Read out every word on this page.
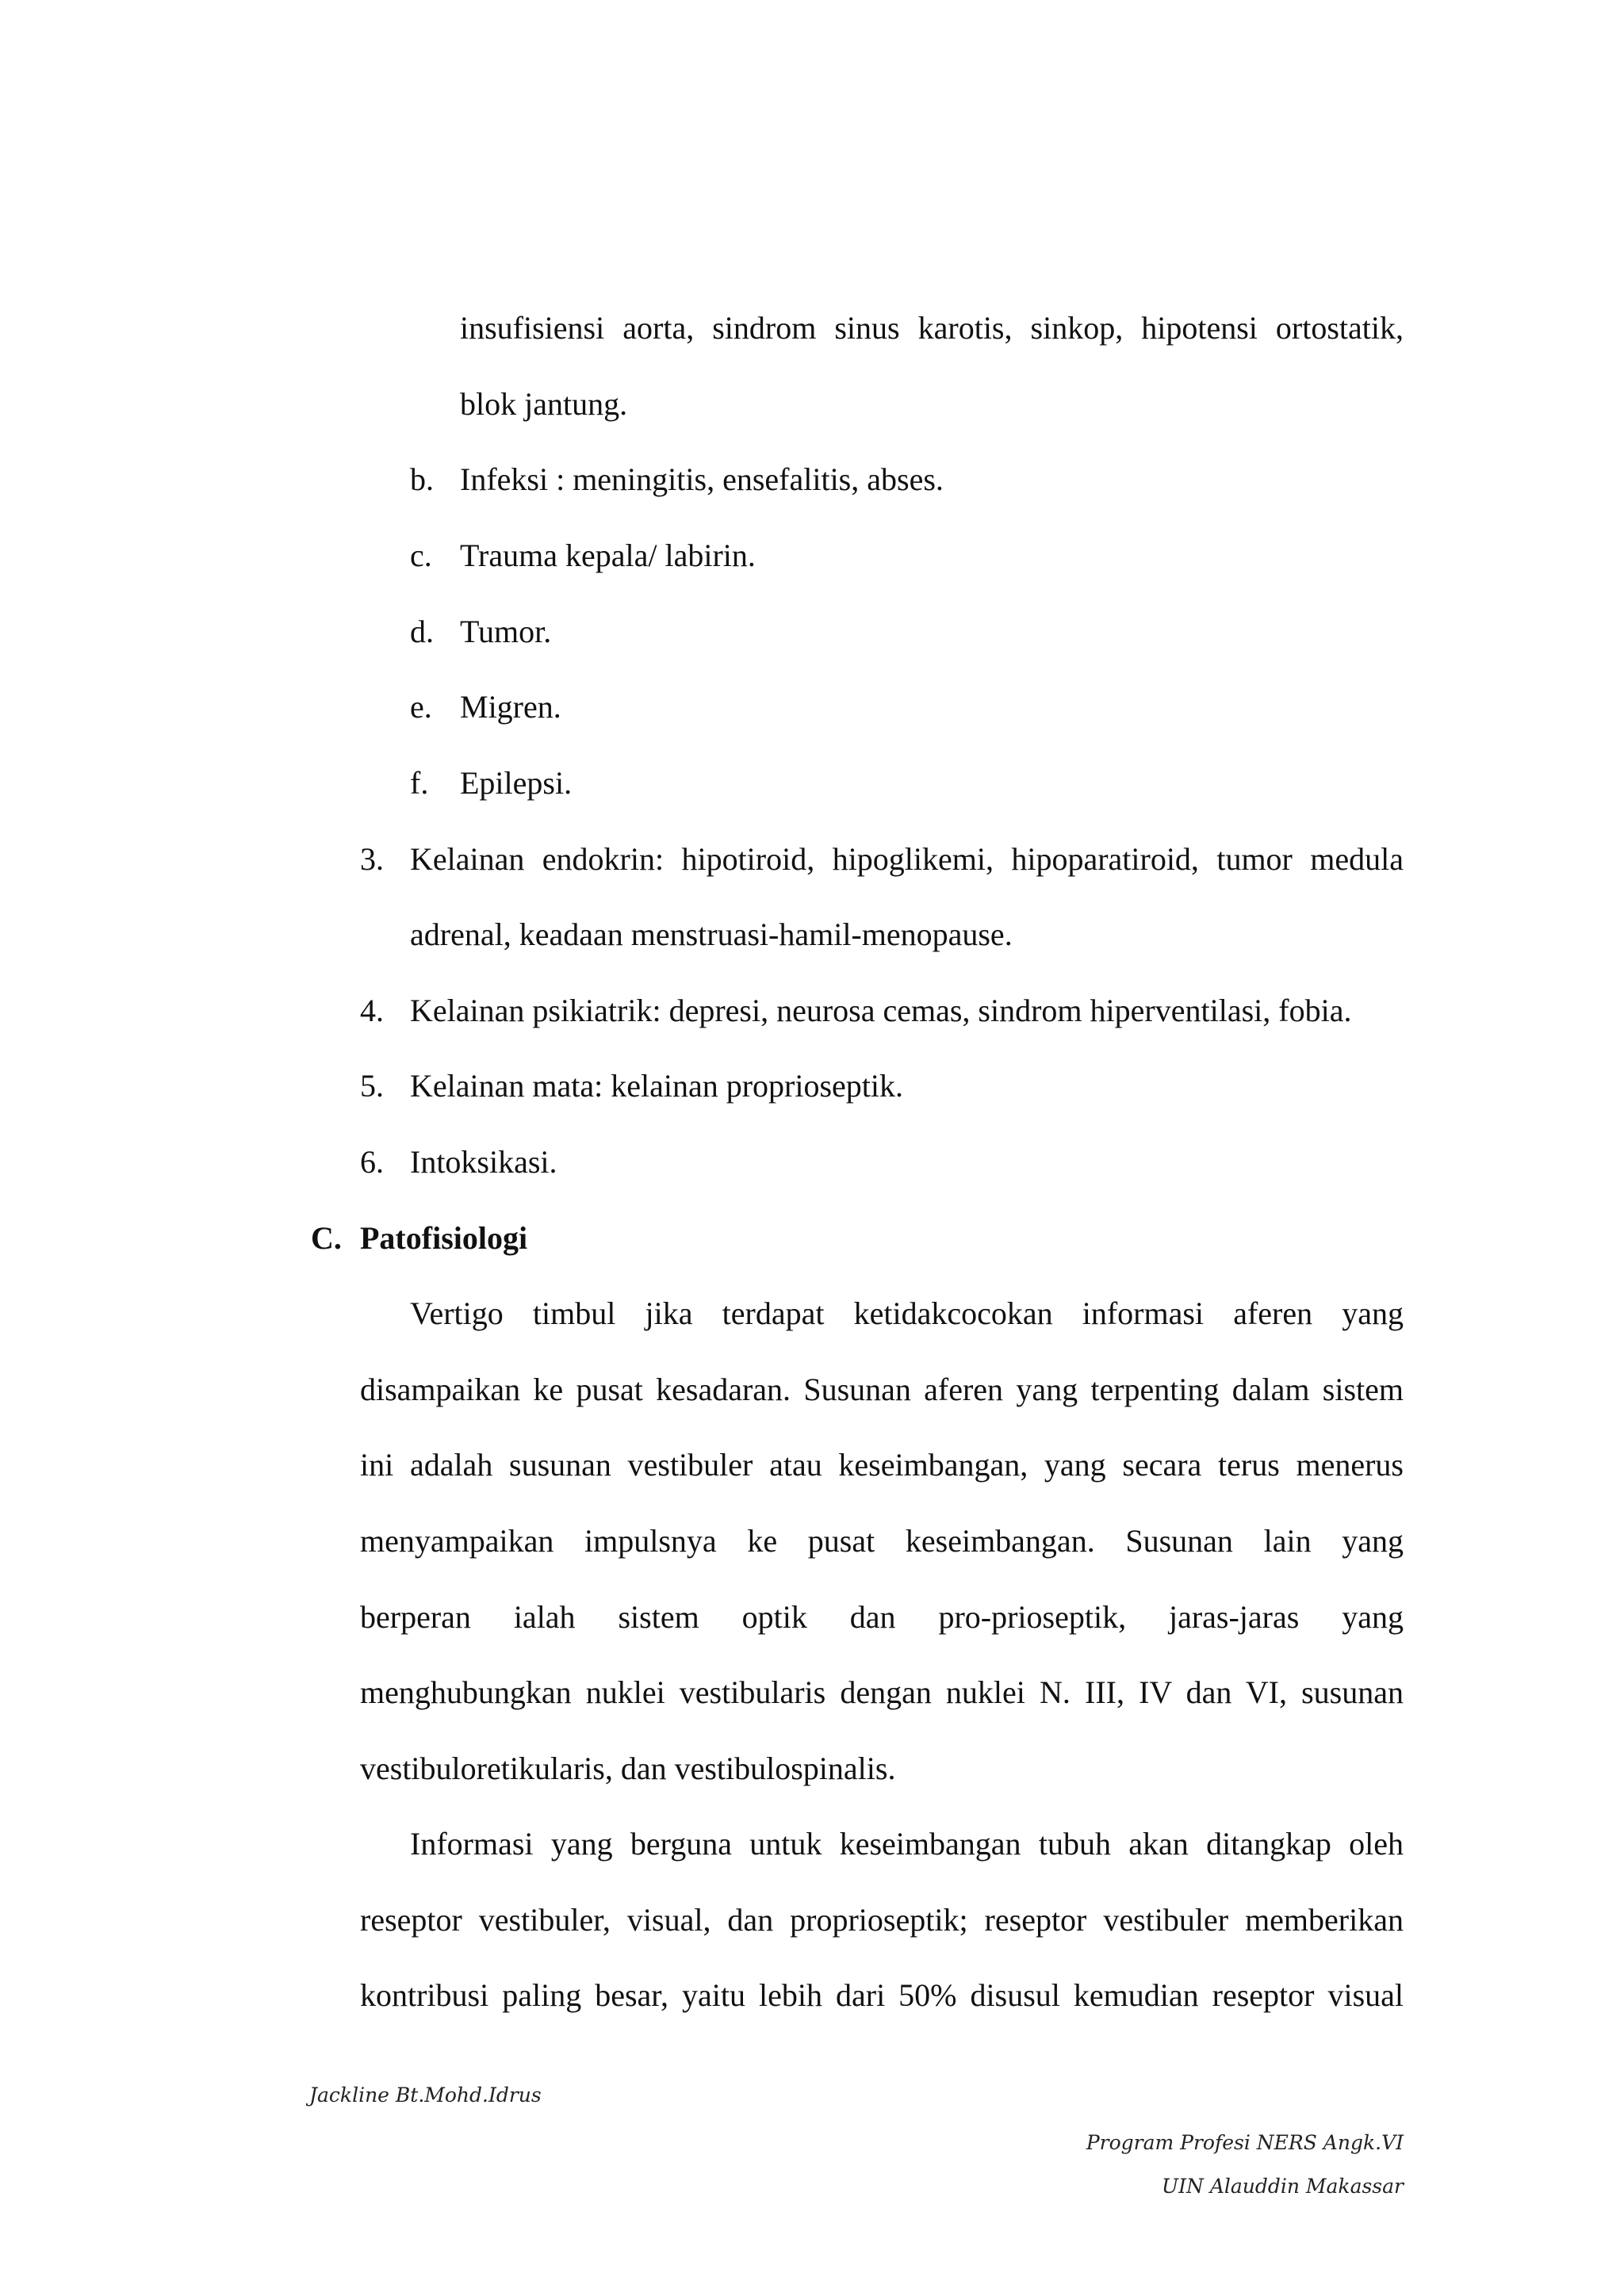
insufisiensi aorta, sindrom sinus karotis, sinkop, hipotensi ortostatik,
blok jantung.
b. Infeksi : meningitis, ensefalitis, abses.
c. Trauma kepala/ labirin.
d. Tumor.
e. Migren.
f. Epilepsi.
3. Kelainan endokrin: hipotiroid, hipoglikemi, hipoparatiroid, tumor medula
adrenal, keadaan menstruasi-hamil-menopause.
4. Kelainan psikiatrik: depresi, neurosa cemas, sindrom hiperventilasi, fobia.
5. Kelainan mata: kelainan proprioseptik.
6. Intoksikasi.
C. Patofisiologi
Vertigo timbul jika terdapat ketidakcocokan informasi aferen yang
disampaikan ke pusat kesadaran. Susunan aferen yang terpenting dalam sistem
ini adalah susunan vestibuler atau keseimbangan, yang secara terus menerus
menyampaikan impulsnya ke pusat keseimbangan. Susunan lain yang
berperan ialah sistem optik dan pro-prioseptik, jaras-jaras yang
menghubungkan nuklei vestibularis dengan nuklei N. III, IV dan VI, susunan
vestibuloretikularis, dan vestibulospinalis.
Informasi yang berguna untuk keseimbangan tubuh akan ditangkap oleh
reseptor vestibuler, visual, dan proprioseptik; reseptor vestibuler memberikan
kontribusi paling besar, yaitu lebih dari 50% disusul kemudian reseptor visual
Jackline Bt.Mohd.Idrus
Program Profesi NERS Angk.VI
UIN Alauddin Makassar
